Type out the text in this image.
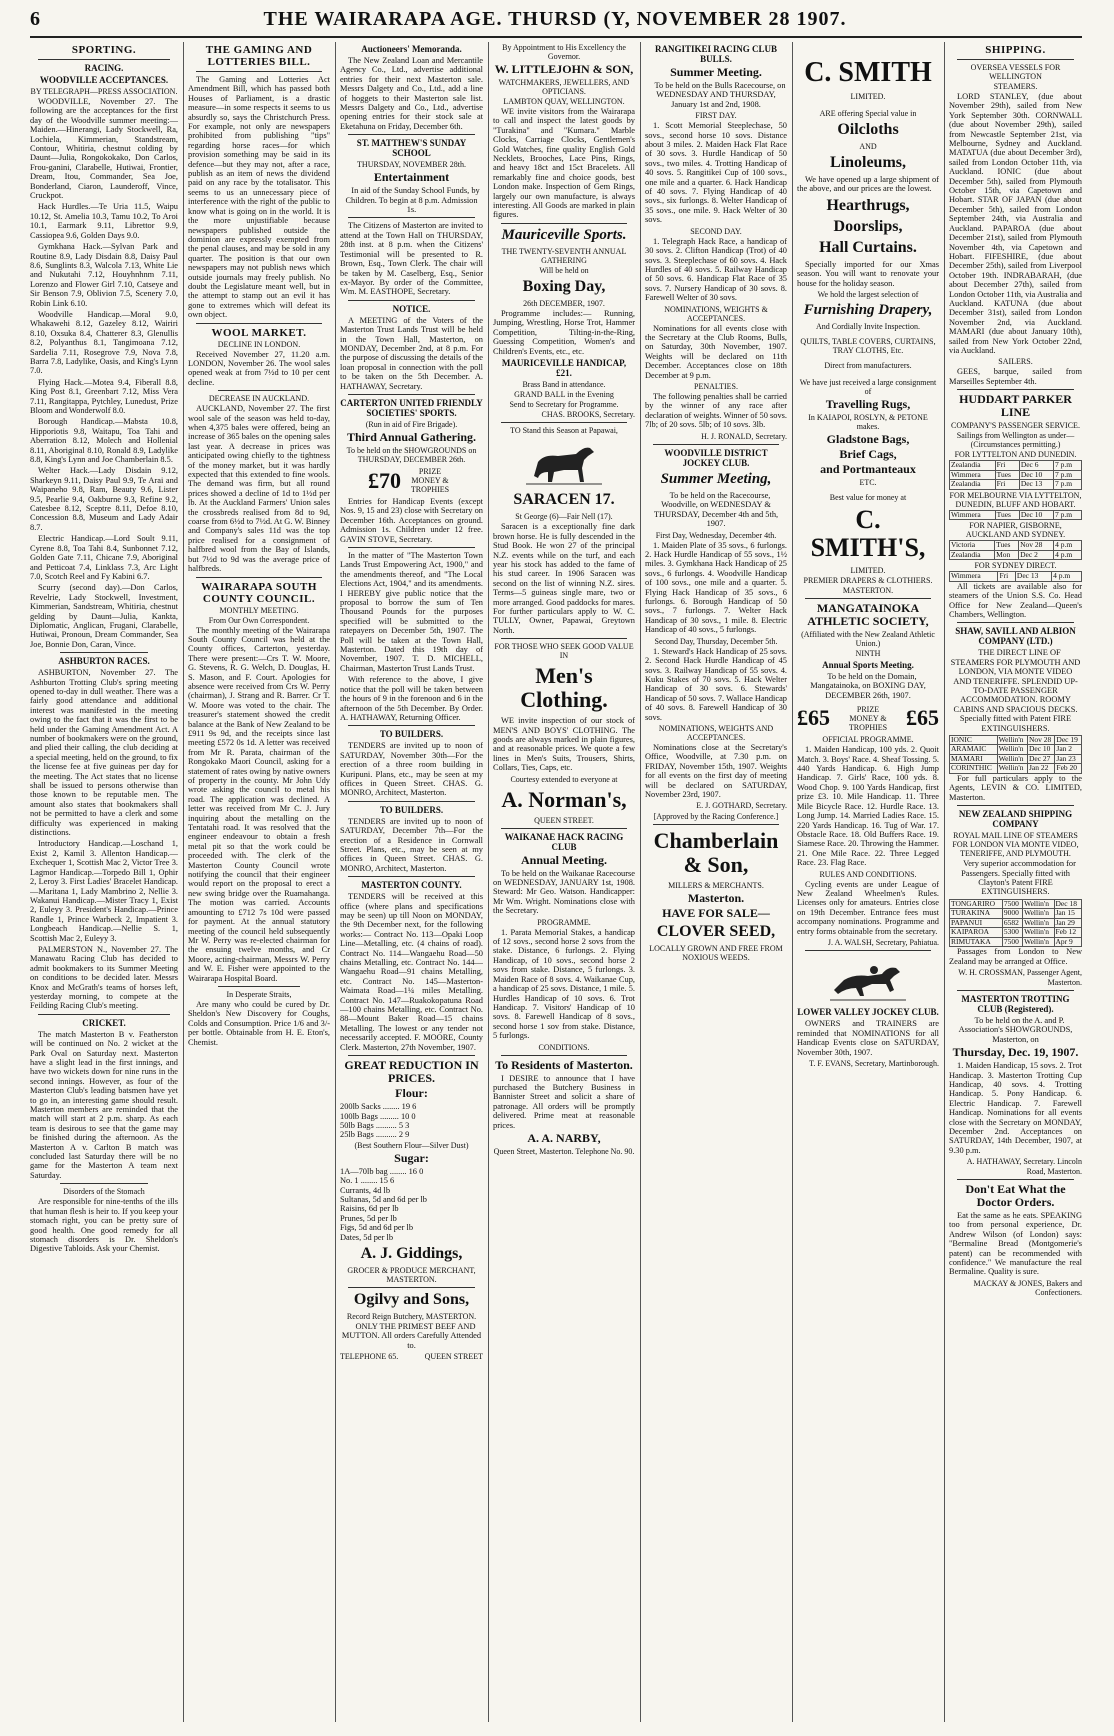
6	THE WAIRARAPA AGE. THURSD (Y, NOVEMBER 28 1907.
SPORTING.
RACING.
WOODVILLE ACCEPTANCES.
BY TELEGRAPH—PRESS ASSOCIATION.

WOODVILLE, November 27. The following are the acceptances for the first day of the Woodville summer meeting:— Maiden.—Hinerangi, Lady Stockwell, Ra, Lochiela, Kimmerian, Standstream, Contour, Whitiria, chestnut colding by Daunt—Julia, Rongokokako, Don Carlos, Frou-ganini, Clarabelle, Hutiwai, Frontier, Dream, Itou, Commander, Sea Joe, Bonderland, Ciaron, Launderoff, Vince, Cruckpot.

Hack Hurdles.—Te Uria 11.5, Waipu 10.12, St. Amelia 10.3, Tamu 10.2, To Aroi 10.1, Earmark 9.11, Librettor 9.9, Cassiopea 9.6, Golden Days 9.0.

Gymkhana Hack.—Sylvan Park and Routine 8.9, Lady Disdain 8.8, Daisy Paul 8.6, Sunglints 8.3, Walcola 7.13, White Lie and Nukutahi 7.12, Houyhnhnm 7.11, Lorenzo and Flower Girl 7.10, Catseye and Sir Benson 7.9, Oblivion 7.5, Scenery 7.0, Robin Link 6.10.

Woodville Handicap.—Moral 9.0, Whakawehi 8.12, Gazeley 8.12, Wairiri 8.10, Oxsuka 8.4, Chatterer 8.3, Glenullis 8.2, Polyanthus 8.1, Tangimoana 7.12, Sardelia 7.11, Rosegrove 7.9, Nova 7.8, Barra 7.8, Ladylike, Oasis, and King's Lynn 7.0.

Flying Hack.—Motea 9.4, Fiberall 8.8, King Post 8.1, Greenbart 7.12, Miss Vera 7.11, Rangitappa, Pytchley, Lunedust, Prize Bloom and Wonderwolf 8.0.

Borough Handicap.—Mabsta 10.8, Hipporiotis 9.8, Waitapu, Toa Tahi and Aberration 8.12, Molech and Hollenial 8.11, Aboriginal 8.10, Ronald 8.9, Ladylike 8.8, King's Lynn and Joe Chamberlain 8.5.

Welter Hack.—Lady Disdain 9.12, Sharkeyn 9.11, Daisy Paul 9.9, Te Arai and Waipaneho 9.8, Ram, Beauty 9.6, Lister 9.5, Pearlie 9.4, Oakburne 9.3, Refine 9.2, Catesbee 8.12, Sceptre 8.11, Defoe 8.10, Concession 8.8, Museum and Lady Adair 8.7.

Electric Handicap.—Lord Soult 9.11, Cyrene 8.8, Toa Tahi 8.4, Sunbonnet 7.12, Golden Gate 7.11, Chicane 7.9, Aboriginal and Petticoat 7.4, Linklass 7.3, Arc Light 7.0, Scotch Reel and Fy Kabini 6.7.

Scurry (second day).—Don Carlos, Revelrie, Lady Stockwell, Investment, Kimmerian, Sandstream, Whitiria, chestnut gelding by Daunt—Julia, Kankta, Diplomatic, Anglican, Frugani, Clarabelle, Hutiwai, Pronoun, Dream Commander, Sea Joe, Bonnie Don, Caran, Vince.

ASHBURTON RACES.

ASHBURTON, November 27. The Ashburton Trotting Club's spring meeting opened to-day in dull weather. There was a fairly good attendance and additional interest was manifested in the meeting owing to the fact that it was the first to be held under the Gaming Amendment Act. A number of bookmakers were on the ground, and plied their calling, the club deciding at a special meeting, held on the ground, to fix the license fee at five guineas per day for the meeting. The Act states that no license shall be issued to persons otherwise than those known to be reputable men. The amount also states that bookmakers shall not be permitted to have a clerk and some difficulty was experienced in making distinctions.

Introductory Handicap.—Loschand 1, Exist 2, Kamil 3. Allenton Handicap.—Exchequer 1, Scottish Mac 2, Victor Tree 3. Lagmor Handicap.—Torpedo Bill 1, Ophir 2, Leroy 3. First Ladies' Bracelet Handicap.—Maritana 1, Lady Mambrino 2, Nellie 3. Wakanui Handicap.—Mister Tracy 1, Exist 2, Euleyy 3. President's Handicap.—Prince Randle 1, Prince Warbeck 2, Impatient 3. Longbeach Handicap.—Nellie S. 1, Scottish Mac 2, Euleyy 3.

PALMERSTON N., November 27. The Manawatu Racing Club has decided to admit bookmakers to its Summer Meeting on conditions to be decided later. Messrs Knox and McGrath's teams of horses left, yesterday morning, to compete at the Feilding Racing Club's meeting.

CRICKET.

The match Masterton B v. Featherston will be continued on No. 2 wicket at the Park Oval on Saturday next. Masterton have a slight lead in the first innings, and have two wickets down for nine runs in the second innings. However, as four of the Masterton Club's leading batsmen have yet to go in, an interesting game should result. Masterton members are reminded that the match will start at 2 p.m. sharp. As each team is desirous to see that the game may be finished during the afternoon. As the Masterton A v. Carlton B match was concluded last Saturday there will be no game for the Masterton A team next Saturday.

Disorders of the Stomach

Are responsible for nine-tenths of the ills that human flesh is heir to. If you keep your stomach right, you can be pretty sure of good health. One good remedy for all stomach disorders is Dr. Sheldon's Digestive Tabloids. Ask your Chemist.

THE GAMING AND LOTTERIES BILL.

The Gaming and Lotteries Act Amendment Bill, which has passed both Houses of Parliament, is a drastic measure—in some respects it seems to us absurdly so, says the Christchurch Press. For example, not only are newspapers prohibited from publishing "tips" regarding horse races—for which provision something may be said in its defence—but they may not, after a race, publish as an item of news the dividend paid on any race by the totalisator. This seems to us an unnecessary piece of interference with the right of the public to know what is going on in the world. It is the more unjustifiable because newspapers published outside the dominion are expressly exempted from the penal clauses, and may be sold in any quarter. The position is that our own newspapers may not publish news which outside journals may freely publish. No doubt the Legislature meant well, but in the attempt to stamp out an evil it has gone to extremes which will defeat its own object.

WOOL MARKET.
DECLINE IN LONDON.

Received November 27, 11.20 a.m. LONDON, November 26. The wool sales opened weak at from 7½d to 10 per cent decline.

DECREASE IN AUCKLAND.

AUCKLAND, November 27. The first wool sale of the season was held to-day, when 4,375 bales were offered, being an increase of 365 bales on the opening sales last year. A decrease in prices was anticipated owing chiefly to the tightness of the money market, but it was hardly expected that this extended to fine wools. The demand was firm, but all round prices showed a decline of 1d to 1½d per lb. At the Auckland Farmers' Union sales the crossbreds realised from 8d to 9d, coarse from 6½d to 7½d. At G. W. Binney and Company's sales 11d was the top price realised for a consignment of halfbred wool from the Bay of Islands, but 7½d to 9d was the average price of halfbreds.

WAIRARAPA SOUTH COUNTY COUNCIL.
MONTHLY MEETING.
From Our Own Correspondent.

The monthly meeting of the Wairarapa South County Council was held at the County offices, Carterton, yesterday. There were present:—Crs T. W. Moore, G. Stevens, R. G. Welch, D. Douglas, H. S. Mason, and F. Court. Apologies for absence were received from Crs W. Perry (chairman), J. Strang and R. Barrer. Cr T. W. Moore was voted to the chair. The treasurer's statement showed the credit balance at the Bank of New Zealand to be £911 9s 9d, and the receipts since last meeting £572 0s 1d. A letter was received from Mr R. Parata, chairman of the Rongokako Maori Council, asking for a statement of rates owing by native owners of property in the county. Mr John Udy wrote asking the council to metal his road. The application was declined. A letter was received from Mr C. J. Jury inquiring about the metalling on the Tentatahi road. It was resolved that the engineer endeavour to obtain a fresh metal pit so that the work could be proceeded with. The clerk of the Masterton County Council wrote notifying the council that their engineer would report on the proposal to erect a new swing bridge over the Ruamahanga. The motion was carried. Accounts amounting to £712 7s 10d were passed for payment. At the annual statutory meeting of the council held subsequently Mr W. Perry was re-elected chairman for the ensuing twelve months, and Cr Moore, acting-chairman, Messrs W. Perry and W. E. Fisher were appointed to the Wairarapa Hospital Board.

In Desperate Straits,

Are many who could be cured by Dr. Sheldon's New Discovery for Coughs, Colds and Consumption. Price 1/6 and 3/- per bottle. Obtainable from H. E. Eton's, Chemist.

Auctioneers' Memoranda.

The New Zealand Loan and Mercantile Agency Co., Ltd., advertise additional entries for their next Masterton sale. Messrs Dalgety and Co., Ltd., add a line of hoggets to their Masterton sale list. Messrs Dalgety and Co., Ltd., advertise opening entries for their stock sale at Eketahuna on Friday, December 6th.

ST. MATTHEW'S SUNDAY SCHOOL
THURSDAY, NOVEMBER 28th.
Entertainment

In aid of the Sunday School Funds, by Children. To begin at 8 p.m. Admission 1s.

The Citizens of Masterton are invited to attend at the Town Hall on THURSDAY, 28th inst. at 8 p.m. when the Citizens' Testimonial will be presented to R. Brown, Esq., Town Clerk. The chair will be taken by M. Caselberg, Esq., Senior ex-Mayor. By order of the Committee, Wm. M. EASTHOPE, Secretary.

NOTICE.

A MEETING of the Voters of the Masterton Trust Lands Trust will be held in the Town Hall, Masterton, on MONDAY, December 2nd, at 8 p.m. For the purpose of discussing the details of the loan proposal in connection with the poll to be taken on the 5th December. A. HATHAWAY, Secretary.

CARTERTON UNITED FRIENDLY SOCIETIES' SPORTS.
(Run in aid of Fire Brigade).
Third Annual Gathering.
To be held on the SHOWGROUNDS on THURSDAY, DECEMBER 26th.
£70	PRIZE MONEY & TROPHIES

Entries for Handicap Events (except Nos. 9, 15 and 23) close with Secretary on December 16th. Acceptances on ground. Admission 1s. Children under 12 free. GAVIN STOVE, Secretary.

In the matter of "The Masterton Town Lands Trust Empowering Act, 1900," and the amendments thereof, and "The Local Elections Act, 1904," and its amendments. I HEREBY give public notice that the proposal to borrow the sum of Ten Thousand Pounds for the purposes specified will be submitted to the ratepayers on December 5th, 1907. The Poll will be taken at the Town Hall, Masterton. Dated this 19th day of November, 1907. T. D. MICHELL, Chairman, Masterton Trust Lands Trust.

With reference to the above, I give notice that the poll will be taken between the hours of 9 in the forenoon and 6 in the afternoon of the 5th December. By Order. A. HATHAWAY, Returning Officer.

TO BUILDERS.

TENDERS are invited up to noon of SATURDAY, November 30th—For the erection of a three room building in Kuripuni. Plans, etc., may be seen at my offices in Queen Street. CHAS. G. MONRO, Architect, Masterton.

TO BUILDERS.

TENDERS are invited up to noon of SATURDAY, December 7th—For the erection of a Residence in Cornwall Street. Plans, etc., may be seen at my offices in Queen Street. CHAS. G. MONRO, Architect, Masterton.

MASTERTON COUNTY.

TENDERS will be received at this office (where plans and specifications may be seen) up till Noon on MONDAY, the 9th December next, for the following works:— Contract No. 113—Opaki Loop Line—Metalling, etc. (4 chains of road). Contract No. 114—Wangaehu Road—50 chains Metalling, etc. Contract No. 144—Wangaehu Road—91 chains Metalling, etc. Contract No. 145—Masterton-Waimata Road—1¼ miles Metalling. Contract No. 147—Ruakokopatuna Road—100 chains Metalling, etc. Contract No. 88—Mount Baker Road—15 chains Metalling. The lowest or any tender not necessarily accepted. F. MOORE, County Clerk. Masterton, 27th November, 1907.

GREAT REDUCTION IN PRICES.
Flour:
200lb Sacks ........ 19 6
100lb Bags ......... 10 0
50lb Bags .......... 5 3
25lb Bags .......... 2 9
(Best Southern Flour—Silver Dust)
Sugar:
1A—70lb bag ........ 16 0
No. 1 ........ 15 6
Currants, 4d lb
Sultanas, 5d and 6d per lb
Raisins, 6d per lb
Prunes, 5d per lb
Figs, 5d and 6d per lb
Dates, 5d per lb
A. J. Giddings,
GROCER & PRODUCE MERCHANT, MASTERTON.
Ogilvy and Sons,
Record Reign Butchery, MASTERTON.

ONLY THE PRIMEST BEEF AND MUTTON. All orders Carefully Attended to.

TELEPHONE 65.	QUEEN STREET
By Appointment to His Excellency the Governor.
W. LITTLEJOHN & SON,
WATCHMAKERS, JEWELLERS, AND OPTICIANS.
LAMBTON QUAY, WELLINGTON.

WE invite visitors from the Wairarapa to call and inspect the latest goods by "Turakina" and "Kumara." Marble Clocks, Carriage Clocks, Gentlemen's Gold Watches, fine quality English Gold Necklets, Brooches, Lace Pins, Rings, and heavy 18ct and 15ct Bracelets. All remarkably fine and choice goods, best London make. Inspection of Gem Rings, largely our own manufacture, is always interesting. All Goods are marked in plain figures.

Mauriceville Sports.
THE TWENTY-SEVENTH ANNUAL GATHERING
Will be held on
Boxing Day,
26th DECEMBER, 1907.

Programme includes:— Running, Jumping, Wrestling, Horse Trot, Hammer Competition, Tilting-in-the-Ring, Guessing Competition, Women's and Children's Events, etc., etc.

MAURICEVILLE HANDICAP, £21.
Brass Band in attendance.
GRAND BALL in the Evening
Send to Secretary for Programme.
CHAS. BROOKS, Secretary.
TO Stand this Season at Papawai,
SARACEN 17.
St George (6)—Fair Nell (17).

Saracen is a exceptionally fine dark brown horse. He is fully descended in the Stud Book. He won 27 of the principal N.Z. events while on the turf, and each year his stock has added to the fame of his stud career. In 1906 Saracen was second on the list of winning N.Z. sires. Terms—5 guineas single mare, two or more arranged. Good paddocks for mares. For further particulars apply to W. C. TULLY, Owner, Papawai, Greytown North.

FOR THOSE WHO SEEK GOOD VALUE IN
Men's Clothing.

WE invite inspection of our stock of MEN'S AND BOYS' CLOTHING. The goods are always marked in plain figures, and at reasonable prices. We quote a few lines in Men's Suits, Trousers, Shirts, Collars, Ties, Caps, etc.

Courtesy extended to everyone at
A. Norman's,
QUEEN STREET.
WAIKANAE HACK RACING CLUB
Annual Meeting.

To be held on the Waikanae Racecourse on WEDNESDAY, JANUARY 1st, 1908. Steward: Mr Geo. Watson. Handicapper: Mr Wm. Wright. Nominations close with the Secretary.

PROGRAMME.

1. Parata Memorial Stakes, a handicap of 12 sovs., second horse 2 sovs from the stake. Distance, 6 furlongs. 2. Flying Handicap, of 10 sovs., second horse 2 sovs from stake. Distance, 5 furlongs. 3. Maiden Race of 8 sovs. 4. Waikanae Cup, a handicap of 25 sovs. Distance, 1 mile. 5. Hurdles Handicap of 10 sovs. 6. Trot Handicap. 7. Visitors' Handicap of 10 sovs. 8. Farewell Handicap of 8 sovs., second horse 1 sov from stake. Distance, 5 furlongs.

CONDITIONS.
To Residents of Masterton.

I DESIRE to announce that I have purchased the Butchery Business in Bannister Street and solicit a share of patronage. All orders will be promptly delivered. Prime meat at reasonable prices.

A. A. NARBY,
Queen Street, Masterton. Telephone No. 90.
RANGITIKEI RACING CLUB BULLS.
Summer Meeting.

To be held on the Bulls Racecourse, on WEDNESDAY AND THURSDAY, January 1st and 2nd, 1908.

FIRST DAY.

1. Scott Memorial Steeplechase, 50 sovs., second horse 10 sovs. Distance about 3 miles. 2. Maiden Hack Flat Race of 30 sovs. 3. Hurdle Handicap of 50 sovs., two miles. 4. Trotting Handicap of 40 sovs. 5. Rangitikei Cup of 100 sovs., one mile and a quarter. 6. Hack Handicap of 40 sovs. 7. Flying Handicap of 40 sovs., six furlongs. 8. Welter Handicap of 35 sovs., one mile. 9. Hack Welter of 30 sovs.

SECOND DAY.

1. Telegraph Hack Race, a handicap of 30 sovs. 2. Clifton Handicap (Trot) of 40 sovs. 3. Steeplechase of 60 sovs. 4. Hack Hurdles of 40 sovs. 5. Railway Handicap of 50 sovs. 6. Handicap Flat Race of 35 sovs. 7. Nursery Handicap of 30 sovs. 8. Farewell Welter of 30 sovs.

NOMINATIONS, WEIGHTS & ACCEPTANCES.

Nominations for all events close with the Secretary at the Club Rooms, Bulls, on Saturday, 30th November, 1907. Weights will be declared on 11th December. Acceptances close on 18th December at 9 p.m.

PENALTIES.

The following penalties shall be carried by the winner of any race after declaration of weights. Winner of 50 sovs. 7lb; of 20 sovs. 5lb; of 10 sovs. 3lb.

H. J. RONALD, Secretary.
WOODVILLE DISTRICT JOCKEY CLUB.
Summer Meeting,

To be held on the Racecourse, Woodville, on WEDNESDAY & THURSDAY, December 4th and 5th, 1907.

First Day, Wednesday, December 4th.

1. Maiden Plate of 35 sovs., 6 furlongs. 2. Hack Hurdle Handicap of 55 sovs., 1½ miles. 3. Gymkhana Hack Handicap of 25 sovs., 6 furlongs. 4. Woodville Handicap of 100 sovs., one mile and a quarter. 5. Flying Hack Handicap of 35 sovs., 6 furlongs. 6. Borough Handicap of 50 sovs., 7 furlongs. 7. Welter Hack Handicap of 30 sovs., 1 mile. 8. Electric Handicap of 40 sovs., 5 furlongs.

Second Day, Thursday, December 5th.

1. Steward's Hack Handicap of 25 sovs. 2. Second Hack Hurdle Handicap of 45 sovs. 3. Railway Handicap of 55 sovs. 4. Kuku Stakes of 70 sovs. 5. Hack Welter Handicap of 30 sovs. 6. Stewards' Handicap of 50 sovs. 7. Wallace Handicap of 40 sovs. 8. Farewell Handicap of 30 sovs.

NOMINATIONS, WEIGHTS AND ACCEPTANCES.

Nominations close at the Secretary's Office, Woodville, at 7.30 p.m. on FRIDAY, November 15th, 1907. Weights for all events on the first day of meeting will be declared on SATURDAY, November 23rd, 1907.

E. J. GOTHARD, Secretary.
[Approved by the Racing Conference.]
Chamberlain & Son,
MILLERS & MERCHANTS.
Masterton.
HAVE FOR SALE—
CLOVER SEED,
LOCALLY GROWN AND FREE FROM NOXIOUS WEEDS.
C. SMITH
LIMITED.
ARE offering Special value in
Oilcloths
AND
Linoleums,

We have opened up a large shipment of the above, and our prices are the lowest.

Hearthrugs,
Doorslips,
Hall Curtains.

Specially imported for our Xmas season. You will want to renovate your house for the holiday season.

We hold the largest selection of
Furnishing Drapery,
And Cordially Invite Inspection.
QUILTS, TABLE COVERS, CURTAINS, TRAY CLOTHS, Etc.
Direct from manufacturers.
We have just received a large consignment of
Travelling Rugs,
In KAIAPOI, ROSLYN, & PETONE makes.
Gladstone Bags,
Brief Cags,
and Portmanteaux
ETC.
Best value for money at
C. SMITH'S,
LIMITED.
PREMIER DRAPERS & CLOTHIERS.
MASTERTON.
MANGATAINOKA ATHLETIC SOCIETY,
(Affiliated with the New Zealand Athletic Union.)
NINTH
Annual Sports Meeting.

To be held on the Domain, Mangatainoka, on BOXING DAY, DECEMBER 26th, 1907.

£65	PRIZE MONEY & TROPHIES £65
OFFICIAL PROGRAMME.

1. Maiden Handicap, 100 yds. 2. Quoit Match. 3. Boys' Race. 4. Sheaf Tossing. 5. 440 Yards Handicap. 6. High Jump Handicap. 7. Girls' Race, 100 yds. 8. Wood Chop. 9. 100 Yards Handicap, first prize £3. 10. Mile Handicap. 11. Three Mile Bicycle Race. 12. Hurdle Race. 13. Long Jump. 14. Married Ladies Race. 15. 220 Yards Handicap. 16. Tug of War. 17. Obstacle Race. 18. Old Buffers Race. 19. Siamese Race. 20. Throwing the Hammer. 21. One Mile Race. 22. Three Legged Race. 23. Flag Race.

RULES AND CONDITIONS.

Cycling events are under League of New Zealand Wheelmen's Rules. Licenses only for amateurs. Entries close on 19th December. Entrance fees must accompany nominations. Programme and entry forms obtainable from the secretary.

J. A. WALSH, Secretary, Pahiatua.
LOWER VALLEY JOCKEY CLUB.

OWNERS and TRAINERS are reminded that NOMINATIONS for all Handicap Events close on SATURDAY, November 30th, 1907.

T. F. EVANS, Secretary, Martinborough.
SHIPPING.
OVERSEA VESSELS FOR WELLINGTON
STEAMERS.

LORD STANLEY, (due about November 29th), sailed from New York September 30th. CORNWALL (due about November 29th), sailed from Newcastle September 21st, via Melbourne, Sydney and Auckland. MATATUA (due about December 3rd), sailed from London October 11th, via Auckland. IONIC (due about December 5th), sailed from Plymouth October 15th, via Capetown and Hobart. STAR OF JAPAN (due about December 5th), sailed from London September 24th, via Australia and Auckland. PAPAROA (due about December 21st), sailed from Plymouth November 4th, via Capetown and Hobart. FIFESHIRE, (due about December 25th), sailed from Liverpool October 19th. INDRABARAH, (due about December 27th), sailed from London October 11th, via Australia and Auckland. KATUNA (due about December 31st), sailed from London November 2nd, via Auckland. MAMARI (due about January 10th), sailed from New York October 22nd, via Auckland.

SAILERS.

GEES, barque, sailed from Marseilles September 4th.

HUDDART PARKER LINE
COMPANY'S PASSENGER SERVICE.
Sailings from Wellington as under—(Circumstances permitting.)
FOR LYTTELTON AND DUNEDIN.
Zealandia	Fri	Dec 6	7 p.m
Wimmera	Tues	Dec 10	7 p.m
Zealandia	Fri	Dec 13	7 p.m
FOR MELBOURNE VIA LYTTELTON, DUNEDIN, BLUFF AND HOBART.
Wimmera	Tues	Dec 10	7 p.m
FOR NAPIER, GISBORNE, AUCKLAND AND SYDNEY.
Victoria	Tues	Nov 28	4 p.m
Zealandia	Mon	Dec 2	4 p.m
FOR SYDNEY DIRECT.
Wimmera	Fri	Dec 13	4 p.m

All tickets are available also for steamers of the Union S.S. Co. Head Office for New Zealand—Queen's Chambers, Wellington.

SHAW, SAVILL AND ALBION COMPANY (LTD.)

THE DIRECT LINE OF STEAMERS FOR PLYMOUTH AND LONDON, VIA MONTE VIDEO AND TENERIFFE. SPLENDID UP-TO-DATE PASSENGER ACCOMMODATION. ROOMY CABINS AND SPACIOUS DECKS. Specially fitted with Patent FIRE EXTINGUISHERS.

IONIC	Wellin'n	Nov 28	Dec 19
ARAMAIC	Wellin'n	Dec 10	Jan 2
MAMARI	Wellin'n	Dec 27	Jan 23
CORINTHIC	Wellin'n	Jan 22	Feb 20

For full particulars apply to the Agents, LEVIN & CO. LIMITED, Masterton.

NEW ZEALAND SHIPPING COMPANY
ROYAL MAIL LINE OF STEAMERS FOR LONDON VIA MONTE VIDEO, TENERIFFE, AND PLYMOUTH.

Very superior accommodation for Passengers. Specially fitted with Clayton's Patent FIRE EXTINGUISHERS.

TONGARIRO	7500	Wellin'n	Dec 18
TURAKINA	9000	Wellin'n	Jan 15
PAPANUI	6582	Wellin'n	Jan 29
KAIPAROA	5300	Wellin'n	Feb 12
RIMUTAKA	7500	Wellin'n	Apr 9

Passages from London to New Zealand may be arranged at Office.

W. H. CROSSMAN, Passenger Agent, Masterton.
MASTERTON TROTTING CLUB (Registered).

To be held on the A. and P. Association's SHOWGROUNDS, Masterton, on

Thursday, Dec. 19, 1907.

1. Maiden Handicap, 15 sovs. 2. Trot Handicap. 3. Masterton Trotting Cup Handicap, 40 sovs. 4. Trotting Handicap. 5. Pony Handicap. 6. Electric Handicap. 7. Farewell Handicap. Nominations for all events close with the Secretary on MONDAY, December 2nd. Acceptances on SATURDAY, 14th December, 1907, at 9.30 p.m.

A. HATHAWAY, Secretary. Lincoln Road, Masterton.
Don't Eat What the Doctor Orders.

Eat the same as he eats. SPEAKING too from personal experience, Dr. Andrew Wilson (of London) says: "Bermaline Bread (Montgomerie's patent) can be recommended with confidence." We manufacture the real Bermaline. Quality is sure.

MACKAY & JONES, Bakers and Confectioners.
